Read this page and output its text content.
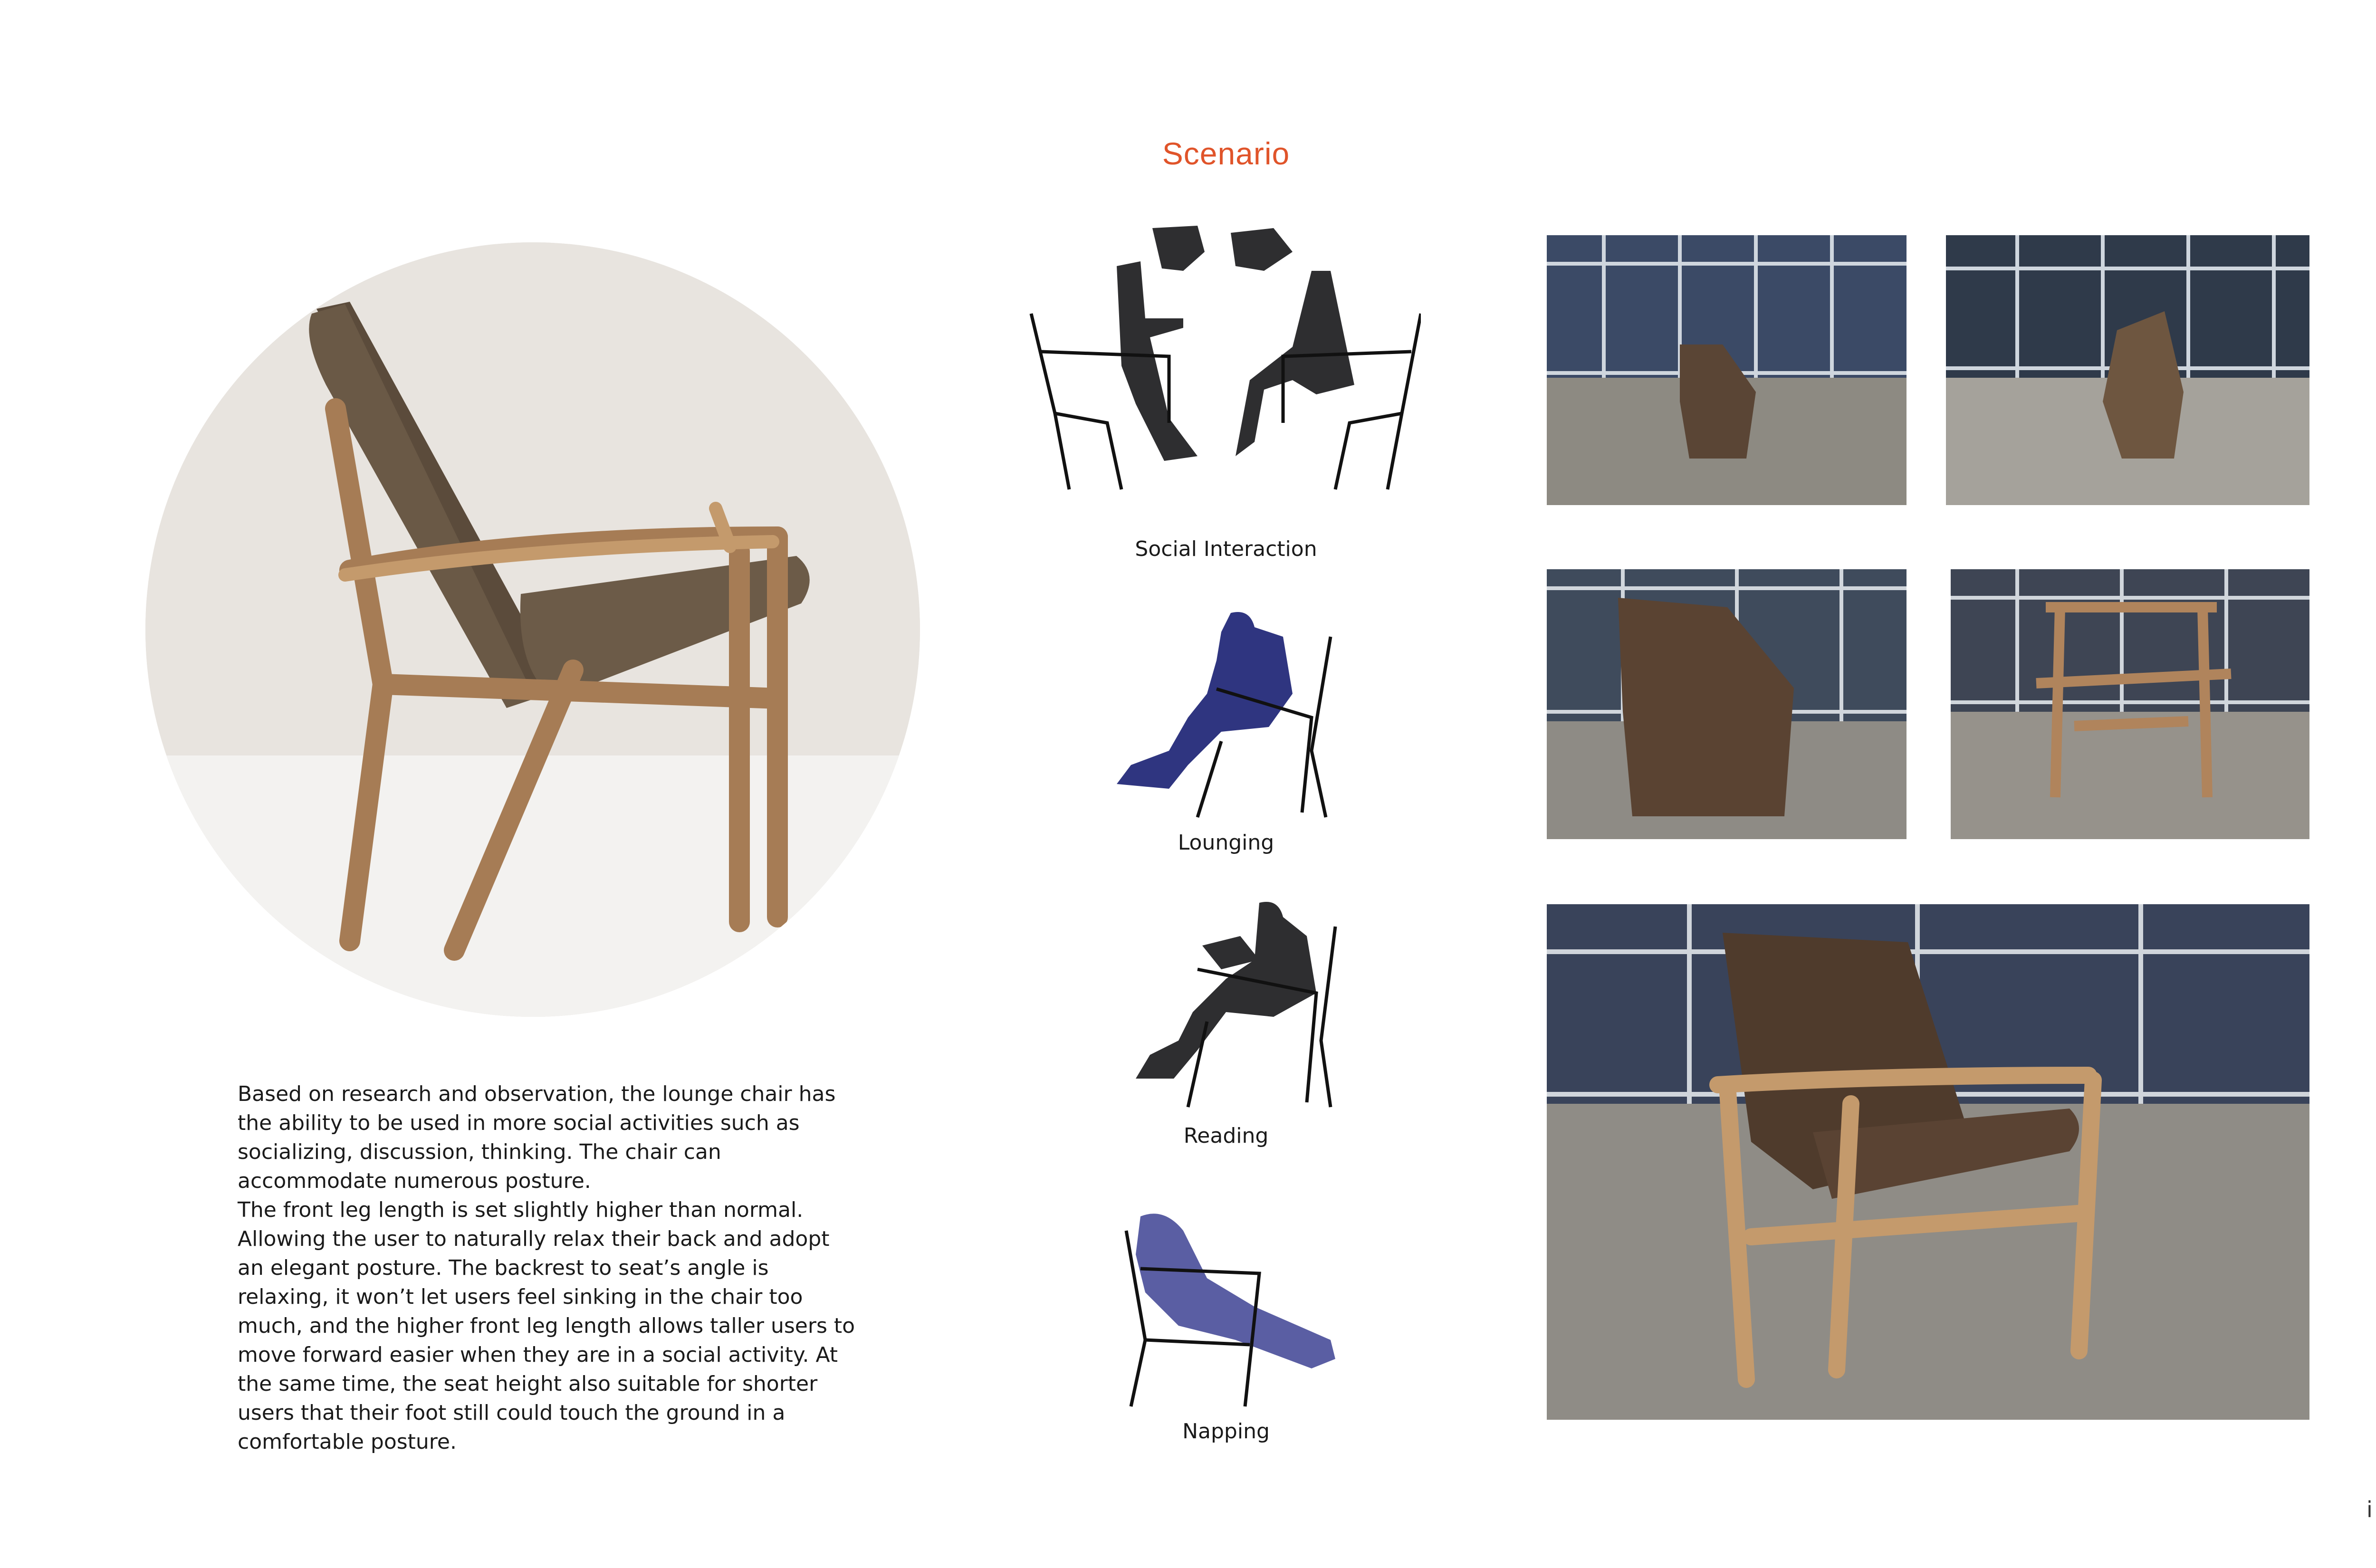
Scenario

Based on research and observation, the lounge chair has the ability to be used in more social activities such as socializing, discussion, thinking. The chair can accommodate numerous posture.

The front leg length is set slightly higher than normal. Allowing the user to naturally relax their back and adopt an elegant posture. The backrest to seat’s angle is relaxing, it won’t let users feel sinking in the chair too much, and the higher front leg length allows taller users to move forward easier when they are in a social activity. At the same time, the seat height also suitable for shorter users that their foot still could touch the ground in a comfortable posture.

Social Interaction
Lounging
Reading
Napping
i
